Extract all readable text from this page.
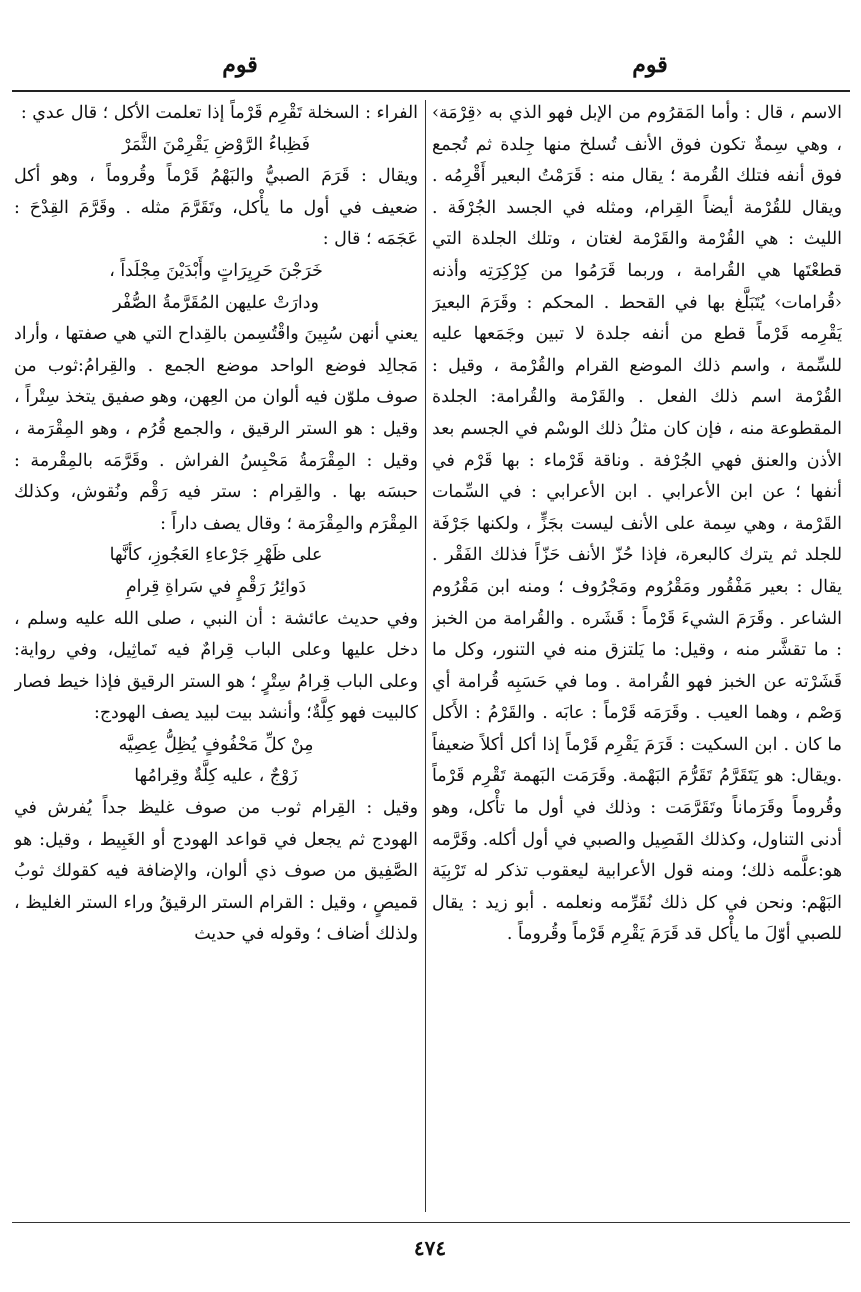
قوم
قوم

الاسم ، قال : وأما المَقرُوم من الإبل فهو الذي به ‹قِرْمَة› ، وهي سِمةٌ تكون فوق الأنف تُسلخ منها جِلدة ثم تُجمع فوق أنفه فتلك القُرمة ؛ يقال منه : قَرَمْتُ البعير أَقْرِمُه . ويقال للقُرْمة أيضاً القِرام، ومثله في الجسد الجُرْفَة . الليث : هي القُرْمة والقَرْمة لغتان ، وتلك الجلدة التي قطعْتَها هي القُرامة ، وربما قَرَمُوا من كِرْكِرَتِه وأذنه ‹قُرامات› يُتَبَلَّغ بها في القحط . المحكم : وقَرَمَ البعيرَ يَقْرِمه قَرْماً قطع من أنفه جلدة لا تبين وجَمَعها عليه للسِّمة ، واسم ذلك الموضع القرام والقُرْمة ، وقيل : القُرْمة اسم ذلك الفعل . والقَرْمة والقُرامة: الجلدة المقطوعة منه ، فإن كان مثلُ ذلك الوسْم في الجسم بعد الأذن والعنق فهي الجُرْفة . وناقة قَرْماء : بها قَرْم في أنفها ؛ عن ابن الأعرابي . ابن الأعرابي : في السِّمات القَرْمة ، وهي سِمة على الأنف ليست بجَزٍّ ، ولكنها جَرْفَة للجلد ثم يترك كالبعرة، فإذا حُزّ الأنف حَزّاً فذلك الفَقْر . يقال : بعير مَفْقُور ومَقْرُوم ومَجْرُوف ؛ ومنه ابن مَقْرُوم الشاعر . وقَرَمَ الشيءَ قَرْماً : قَشَره . والقُرامة من الخبز : ما تقشَّر منه ، وقيل: ما يَلتزق منه في التنور، وكل ما قَشَرْته عن الخبز فهو القُرامة . وما في حَسَبِه قُرامة أي وَصْم ، وهما العيب . وقَرَمَه قَرْماً : عابَه . والقَرْمُ : الأَكل ما كان . ابن السكيت : قَرَمَ يَقْرِم قَرْماً إذا أكل أكلاً ضعيفاً .ويقال: هو يَتَقَرَّمُ تَقَرُّمَ البَهْمة. وقَرَمَت البَهمة تَقْرِم قَرْماً وقُروماً وقَرَماناً وتَقَرَّمَت : وذلك في أول ما تأْكل، وهو أدنى التناول، وكذلك الفَصِيل والصبي في أول أكله. وقَرَّمه هو:علَّمه ذلك؛ ومنه قول الأعرابية ليعقوب تذكر له تَرْبِيَة البَهْم: ونحن في كل ذلك نُقَرِّمه ونعلمه . أبو زيد : يقال للصبي أوّلَ ما يأْكل قد قَرَمَ يَقْرِم قَرْماً وقُروماً .

الفراء : السخلة تَقْرِم قَرْماً إذا تعلمت الأكل ؛ قال عدي :

فَظِباءُ الرَّوْضِ يَقْرِمْنَ الثَّمَرْ

ويقال : قَرَمَ الصبيُّ والبَهْمُ قَرْماً وقُروماً ، وهو أكل ضعيف في أول ما يأْكل، وتَقَرَّمَ مثله . وقَرَّمَ القِدْحَ : عَجَمَه ؛ قال :

خَرَجْنَ حَرِيِرَاتٍ وأَبْدَيْنَ مِجْلَداً ،
ودارَتْ عليهن المُقَرَّمةُ الصُّفْر

يعني أنهن سُبِينَ واقْتُسِمن بالقِداح التي هي صفتها ، وأراد مَجالِد فوضع الواحد موضع الجمع . والقِرامُ:ثوب من صوف ملوّن فيه ألوان من العِهن، وهو صفيق يتخذ سِتْراً ، وقيل : هو الستر الرقيق ، والجمع قُرُم ، وهو المِقْرَمة ، وقيل : المِقْرَمةُ مَحْبِسُ الفراش . وقَرَّمَه بالمِقْرمة : حبسَه بها . والقِرام : ستر فيه رَقْم ونُقوش، وكذلك المِقْرَم والمِقْرَمة ؛ وقال يصف داراً :

على ظَهْرِ جَرْعاءِ العَجُوزِ، كأنَّها
دَوائِرُ رَقْمٍ في سَراةِ قِرامِ

وفي حديث عائشة : أن النبي ، صلى الله عليه وسلم ، دخل عليها وعلى الباب قِرامٌ فيه تَماثِيل، وفي رواية: وعلى الباب قِرامُ سِتْرٍ ؛ هو الستر الرقيق فإذا خيط فصار كالبيت فهو كِلَّةٌ؛ وأنشد بيت لبيد يصف الهودج:

مِنْ كلِّ مَحْفُوفٍ يُظِلُّ عِصِيَّه
زَوْجٌ ، عليه كِلَّةٌ وقِرامُها

وقيل : القِرام ثوب من صوف غليظ جداً يُفرش في الهودج ثم يجعل في قواعد الهودج أو الغَبِيط ، وقيل: هو الصَّفِيق من صوف ذي ألوان، والإضافة فيه كقولك ثوبُ قميصٍ ، وقيل : القرام الستر الرقيقُ وراء الستر الغليظ ، ولذلك أضاف ؛ وقوله في حديث

٤٧٤
